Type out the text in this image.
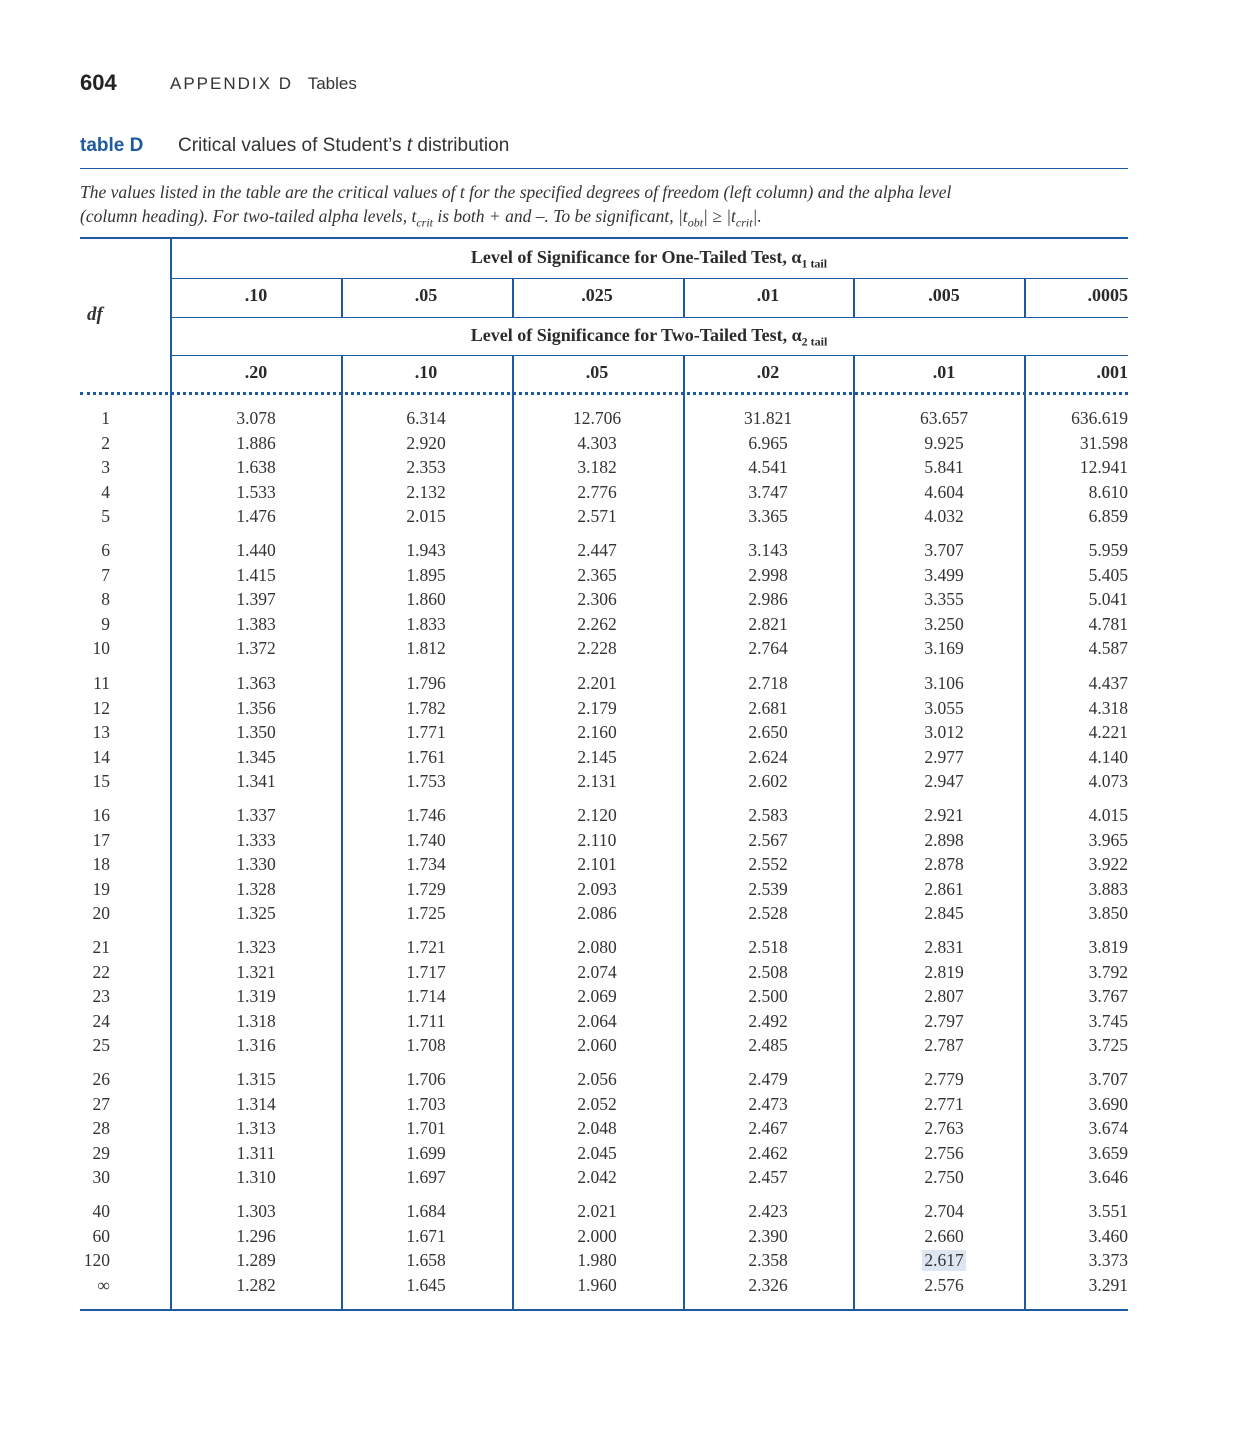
604	APPENDIX D Tables
table D Critical values of Student’s t distribution
The values listed in the table are the critical values of t for the specified degrees of freedom (left column) and the alpha level
(column heading). For two-tailed alpha levels, $t_{crit}$ is both + and –. To be significant, $|t_{obt}| \ge |t_{crit}|$.
Level of Significance for One-Tailed Test, $\alpha_{1 tail}$
.10	.05	.025	.01	.005	.0005
Level of Significance for Two-Tailed Test, $\alpha_{2 tail}$
.20	.10	.05	.02	.01	.001
df
1	3.078	6.314	12.706	31.821	63.657	636.619
2	1.886	2.920	4.303	6.965	9.925	31.598
3	1.638	2.353	3.182	4.541	5.841	12.941
4	1.533	2.132	2.776	3.747	4.604	8.610
5	1.476	2.015	2.571	3.365	4.032	6.859
6	1.440	1.943	2.447	3.143	3.707	5.959
7	1.415	1.895	2.365	2.998	3.499	5.405
8	1.397	1.860	2.306	2.986	3.355	5.041
9	1.383	1.833	2.262	2.821	3.250	4.781
10	1.372	1.812	2.228	2.764	3.169	4.587
11	1.363	1.796	2.201	2.718	3.106	4.437
12	1.356	1.782	2.179	2.681	3.055	4.318
13	1.350	1.771	2.160	2.650	3.012	4.221
14	1.345	1.761	2.145	2.624	2.977	4.140
15	1.341	1.753	2.131	2.602	2.947	4.073
16	1.337	1.746	2.120	2.583	2.921	4.015
17	1.333	1.740	2.110	2.567	2.898	3.965
18	1.330	1.734	2.101	2.552	2.878	3.922
19	1.328	1.729	2.093	2.539	2.861	3.883
20	1.325	1.725	2.086	2.528	2.845	3.850
21	1.323	1.721	2.080	2.518	2.831	3.819
22	1.321	1.717	2.074	2.508	2.819	3.792
23	1.319	1.714	2.069	2.500	2.807	3.767
24	1.318	1.711	2.064	2.492	2.797	3.745
25	1.316	1.708	2.060	2.485	2.787	3.725
26	1.315	1.706	2.056	2.479	2.779	3.707
27	1.314	1.703	2.052	2.473	2.771	3.690
28	1.313	1.701	2.048	2.467	2.763	3.674
29	1.311	1.699	2.045	2.462	2.756	3.659
30	1.310	1.697	2.042	2.457	2.750	3.646
40	1.303	1.684	2.021	2.423	2.704	3.551
60	1.296	1.671	2.000	2.390	2.660	3.460
120	1.289	1.658	1.980	2.358	2.617	3.373
∞	1.282	1.645	1.960	2.326	2.576	3.291
